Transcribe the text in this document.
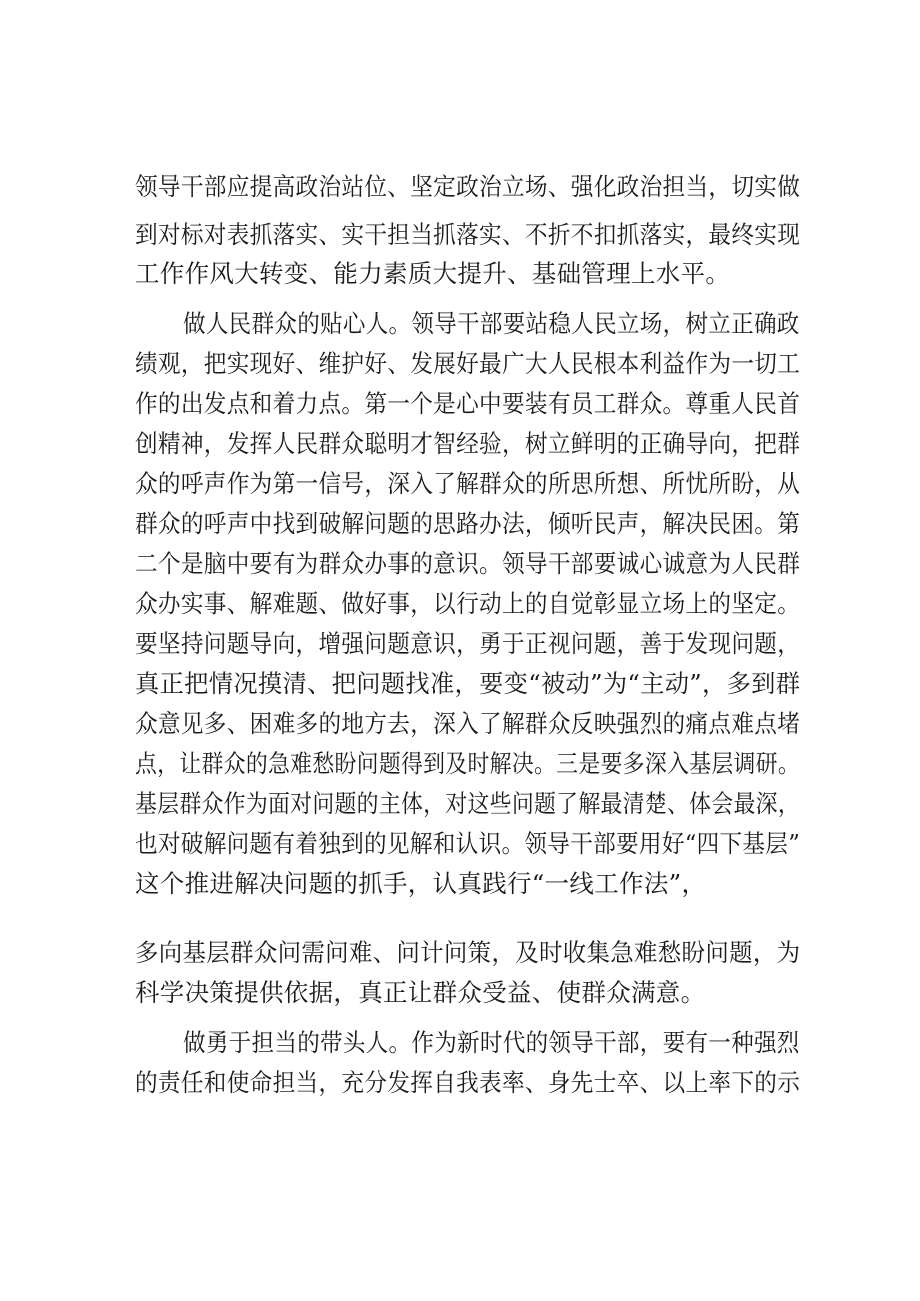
领导干部应提高政治站位、坚定政治立场、强化政治担当，切实做
到对标对表抓落实、实干担当抓落实、不折不扣抓落实，最终实现
工作作风大转变、能力素质大提升、基础管理上水平。
做人民群众的贴心人。领导干部要站稳人民立场，树立正确政
绩观，把实现好、维护好、发展好最广大人民根本利益作为一切工
作的出发点和着力点。第一个是心中要装有员工群众。尊重人民首
创精神，发挥人民群众聪明才智经验，树立鲜明的正确导向，把群
众的呼声作为第一信号，深入了解群众的所思所想、所忧所盼，从
群众的呼声中找到破解问题的思路办法，倾听民声，解决民困。第
二个是脑中要有为群众办事的意识。领导干部要诚心诚意为人民群
众办实事、解难题、做好事，以行动上的自觉彰显立场上的坚定。
要坚持问题导向，增强问题意识，勇于正视问题，善于发现问题，
真正把情况摸清、把问题找准，要变“被动”为“主动”，多到群
众意见多、困难多的地方去，深入了解群众反映强烈的痛点难点堵
点，让群众的急难愁盼问题得到及时解决。三是要多深入基层调研。
基层群众作为面对问题的主体，对这些问题了解最清楚、体会最深，
也对破解问题有着独到的见解和认识。领导干部要用好“四下基层”
这个推进解决问题的抓手，认真践行“一线工作法”，
多向基层群众问需问难、问计问策，及时收集急难愁盼问题，为
科学决策提供依据，真正让群众受益、使群众满意。
做勇于担当的带头人。作为新时代的领导干部，要有一种强烈
的责任和使命担当，充分发挥自我表率、身先士卒、以上率下的示
